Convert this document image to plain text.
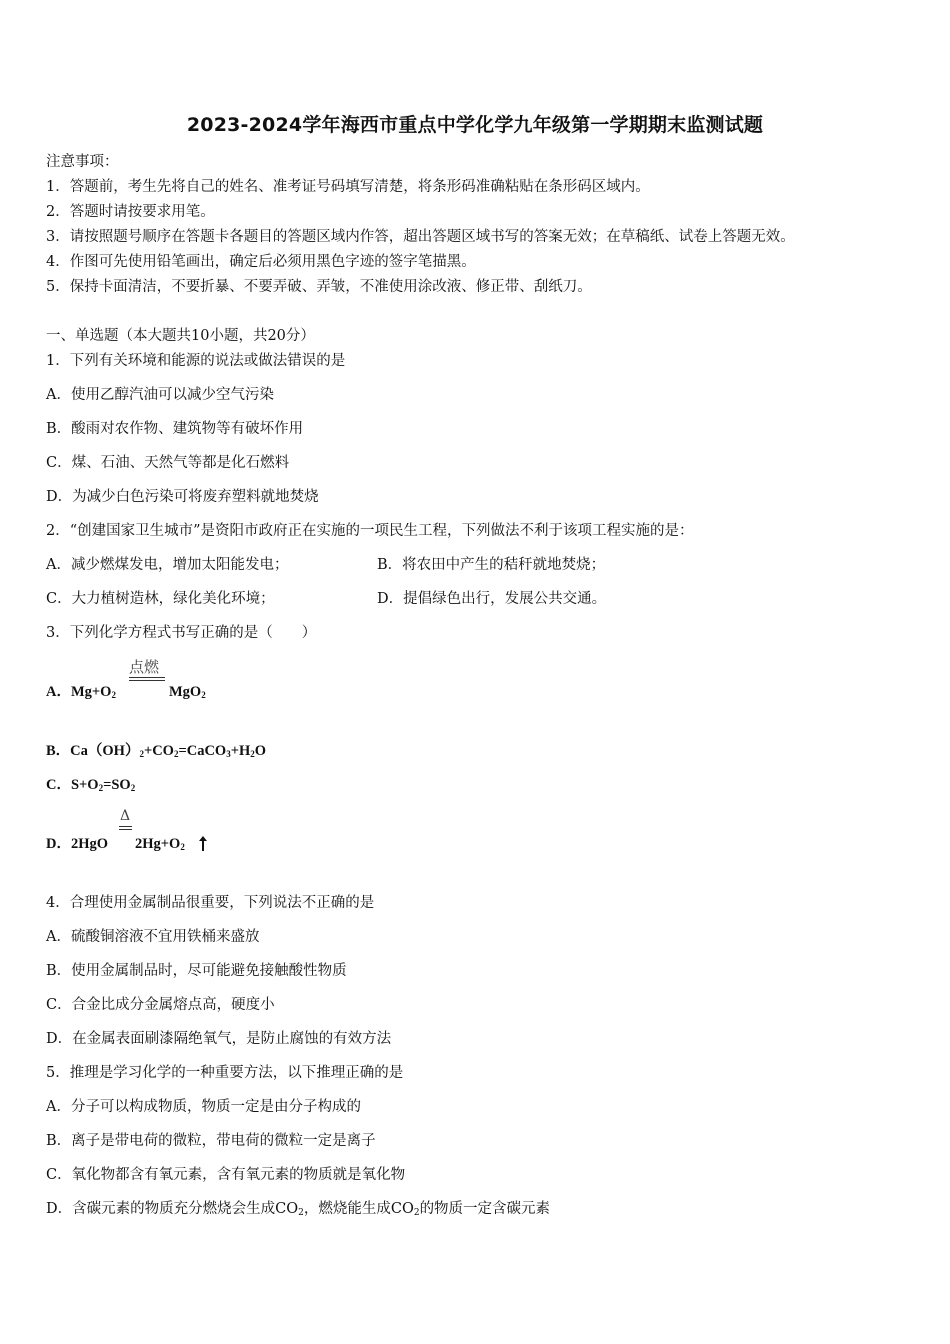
2023-2024学年海西市重点中学化学九年级第一学期期末监测试题
注意事项：
1．答题前，考生先将自己的姓名、准考证号码填写清楚，将条形码准确粘贴在条形码区域内。
2．答题时请按要求用笔。
3．请按照题号顺序在答题卡各题目的答题区域内作答，超出答题区域书写的答案无效；在草稿纸、试卷上答题无效。
4．作图可先使用铅笔画出，确定后必须用黑色字迹的签字笔描黑。
5．保持卡面清洁，不要折暴、不要弄破、弄皱，不准使用涂改液、修正带、刮纸刀。
一、单选题（本大题共10小题，共20分）
1．下列有关环境和能源的说法或做法错误的是
A．使用乙醇汽油可以减少空气污染
B．酸雨对农作物、建筑物等有破坏作用
C．煤、石油、天然气等都是化石燃料
D．为减少白色污染可将废弃塑料就地焚烧
2．“创建国家卫生城市”是资阳市政府正在实施的一项民生工程，下列做法不利于该项工程实施的是：
A．减少燃煤发电，增加太阳能发电；	B．将农田中产生的秸秆就地焚烧；
C．大力植树造林，绿化美化环境；	D．提倡绿色出行，发展公共交通。
3．下列化学方程式书写正确的是（　　）
A．$Mg+O_2$
点燃
MgO$_2$
B．$Ca(OH)_2+CO_2=CaCO_3+H_2O$
C．$S+O_2=SO_2$
D．2HgO
Δ
$2Hg+O_2$
4．合理使用金属制品很重要，下列说法不正确的是
A．硫酸铜溶液不宜用铁桶来盛放
B．使用金属制品时，尽可能避免接触酸性物质
C．合金比成分金属熔点高，硬度小
D．在金属表面刷漆隔绝氧气，是防止腐蚀的有效方法
5．推理是学习化学的一种重要方法，以下推理正确的是
A．分子可以构成物质，物质一定是由分子构成的
B．离子是带电荷的微粒，带电荷的微粒一定是离子
C．氧化物都含有氧元素，含有氧元素的物质就是氧化物
D．含碳元素的物质充分燃烧会生成$CO_2$，燃烧能生成$CO_2$的物质一定含碳元素
